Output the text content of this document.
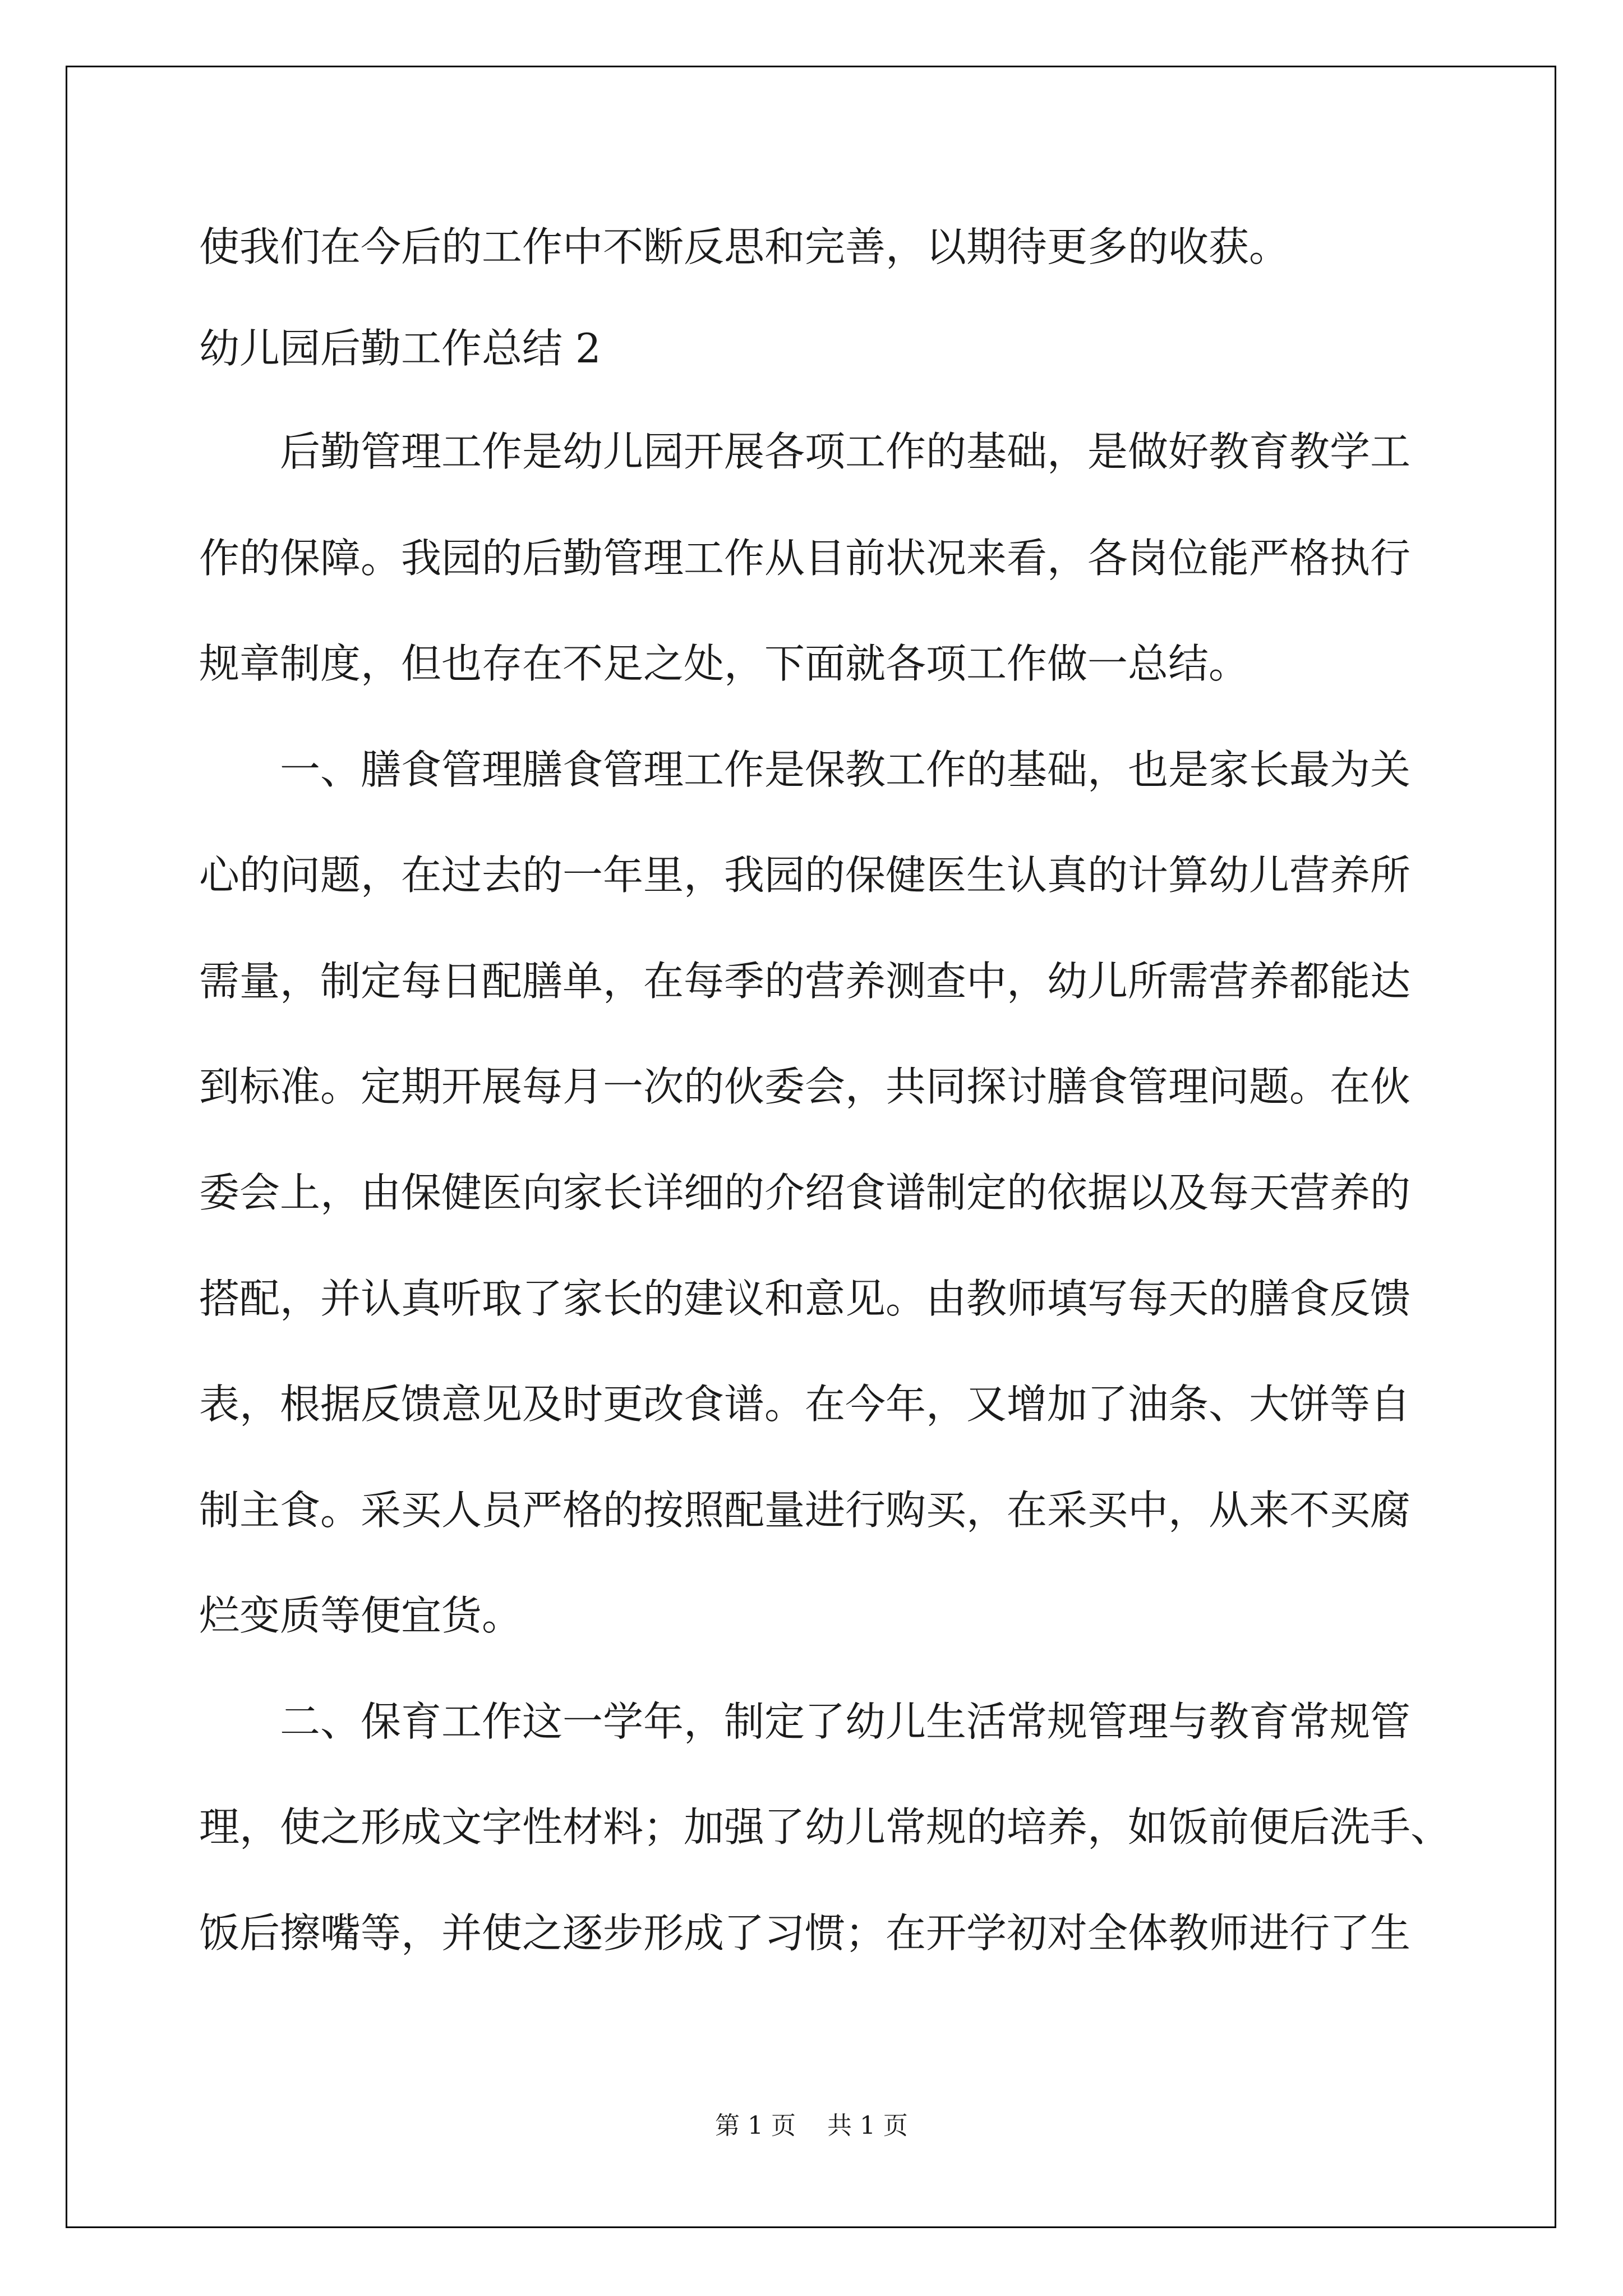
使我们在今后的工作中不断反思和完善，以期待更多的收获。
幼儿园后勤工作总结 2
后勤管理工作是幼儿园开展各项工作的基础，是做好教育教学工
作的保障。我园的后勤管理工作从目前状况来看，各岗位能严格执行
规章制度，但也存在不足之处，下面就各项工作做一总结。
一、膳食管理膳食管理工作是保教工作的基础，也是家长最为关
心的问题，在过去的一年里，我园的保健医生认真的计算幼儿营养所
需量，制定每日配膳单，在每季的营养测查中，幼儿所需营养都能达
到标准。定期开展每月一次的伙委会，共同探讨膳食管理问题。在伙
委会上，由保健医向家长详细的介绍食谱制定的依据以及每天营养的
搭配，并认真听取了家长的建议和意见。由教师填写每天的膳食反馈
表，根据反馈意见及时更改食谱。在今年，又增加了油条、大饼等自
制主食。采买人员严格的按照配量进行购买，在采买中，从来不买腐
烂变质等便宜货。
二、保育工作这一学年，制定了幼儿生活常规管理与教育常规管
理，使之形成文字性材料；加强了幼儿常规的培养，如饭前便后洗手、
饭后擦嘴等，并使之逐步形成了习惯；在开学初对全体教师进行了生
第 1 页    共 1 页
